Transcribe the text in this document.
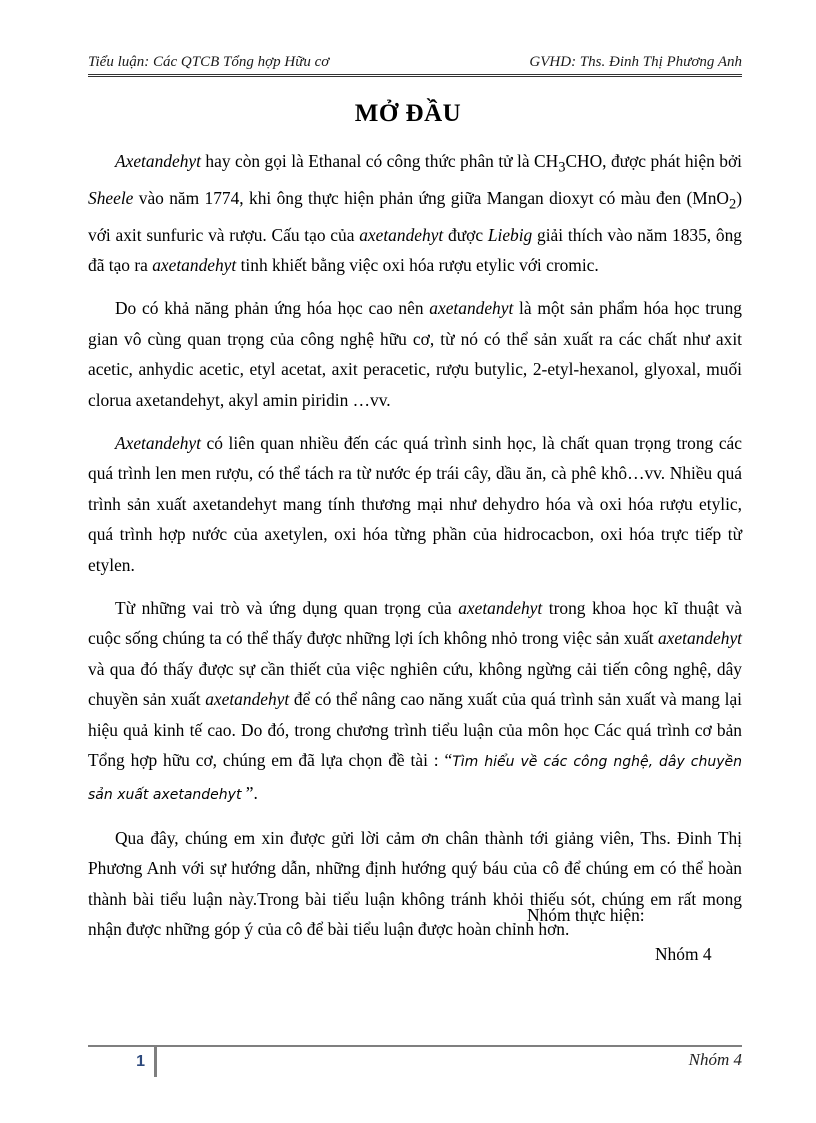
Tiểu luận: Các QTCB Tổng hợp Hữu cơ	GVHD: Ths. Đinh Thị Phương Anh
MỞ ĐẦU

Axetandehyt hay còn gọi là Ethanal có công thức phân tử là $CH_3CHO$, được phát hiện bởi Sheele vào năm 1774, khi ông thực hiện phản ứng giữa Mangan dioxyt có màu đen (MnO$_2$) với axit sunfuric và rượu. Cấu tạo của axetandehyt được Liebig giải thích vào năm 1835, ông đã tạo ra axetandehyt tinh khiết bằng việc oxi hóa rượu etylic với cromic.

Do có khả năng phản ứng hóa học cao nên axetandehyt là một sản phẩm hóa học trung gian vô cùng quan trọng của công nghệ hữu cơ, từ nó có thể sản xuất ra các chất như axit acetic, anhydic acetic, etyl acetat, axit peracetic, rượu butylic, 2-etyl-hexanol, glyoxal, muối clorua axetandehyt, akyl amin piridin …vv.

Axetandehyt có liên quan nhiều đến các quá trình sinh học, là chất quan trọng trong các quá trình len men rượu, có thể tách ra từ nước ép trái cây, dầu ăn, cà phê khô…vv. Nhiều quá trình sản xuất axetandehyt mang tính thương mại như dehydro hóa và oxi hóa rượu etylic, quá trình hợp nước của axetylen, oxi hóa từng phần của hidrocacbon, oxi hóa trực tiếp từ etylen.

Từ những vai trò và ứng dụng quan trọng của axetandehyt trong khoa học kĩ thuật và cuộc sống chúng ta có thể thấy được những lợi ích không nhỏ trong việc sản xuất axetandehyt và qua đó thấy được sự cần thiết của việc nghiên cứu, không ngừng cải tiến công nghệ, dây chuyền sản xuất axetandehyt để có thể nâng cao năng xuất của quá trình sản xuất và mang lại hiệu quả kinh tế cao. Do đó, trong chương trình tiểu luận của môn học Các quá trình cơ bản Tổng hợp hữu cơ, chúng em đã lựa chọn đề tài : “Tìm hiểu về các công nghệ, dây chuyền sản xuất axetandehyt ”.

Qua đây, chúng em xin được gửi lời cảm ơn chân thành tới giảng viên, Ths. Đinh Thị Phương Anh với sự hướng dẫn, những định hướng quý báu của cô để chúng em có thể hoàn thành bài tiểu luận này.Trong bài tiểu luận không tránh khỏi thiếu sót, chúng em rất mong nhận được những góp ý của cô để bài tiểu luận được hoàn chỉnh hơn.

Nhóm thực hiện:
Nhóm 4
1	Nhóm 4
